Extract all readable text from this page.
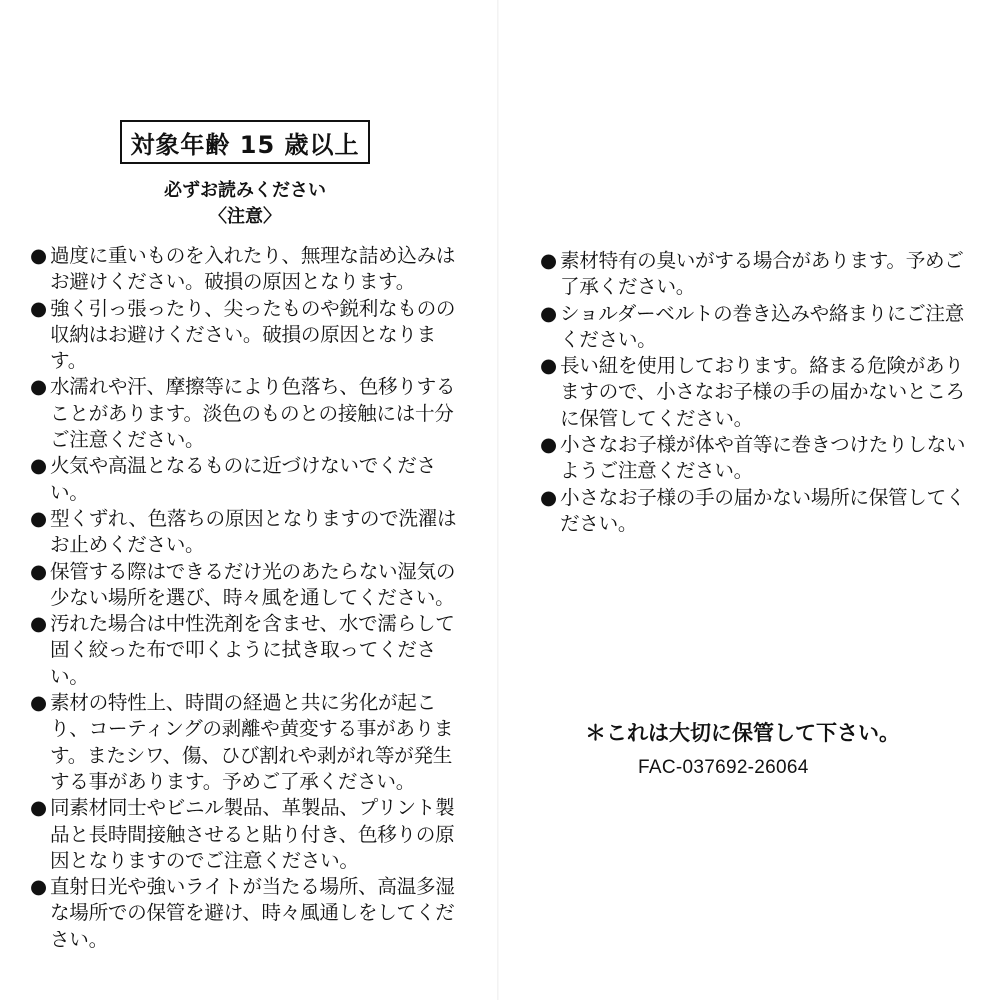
対象年齢 15 歳以上
必ずお読みください
〈注意〉
● 過度に重いものを入れたり、無理な詰め込みはお避けください。破損の原因となります。
● 強く引っ張ったり、尖ったものや鋭利なものの収納はお避けください。破損の原因となります。
● 水濡れや汗、摩擦等により色落ち、色移りすることがあります。淡色のものとの接触には十分ご注意ください。
● 火気や高温となるものに近づけないでください。
● 型くずれ、色落ちの原因となりますので洗濯はお止めください。
● 保管する際はできるだけ光のあたらない湿気の少ない場所を選び、時々風を通してください。
● 汚れた場合は中性洗剤を含ませ、水で濡らして固く絞った布で叩くように拭き取ってください。
● 素材の特性上、時間の経過と共に劣化が起こり、コーティングの剥離や黄変する事があります。またシワ、傷、ひび割れや剥がれ等が発生する事があります。予めご了承ください。
● 同素材同士やビニル製品、革製品、プリント製品と長時間接触させると貼り付き、色移りの原因となりますのでご注意ください。
● 直射日光や強いライトが当たる場所、高温多湿な場所での保管を避け、時々風通しをしてください。
● 素材特有の臭いがする場合があります。予めご了承ください。
● ショルダーベルトの巻き込みや絡まりにご注意ください。
● 長い紐を使用しております。絡まる危険がありますので、小さなお子様の手の届かないところに保管してください。
● 小さなお子様が体や首等に巻きつけたりしないようご注意ください。
● 小さなお子様の手の届かない場所に保管してください。
＊これは大切に保管して下さい。
FAC-037692-26064
